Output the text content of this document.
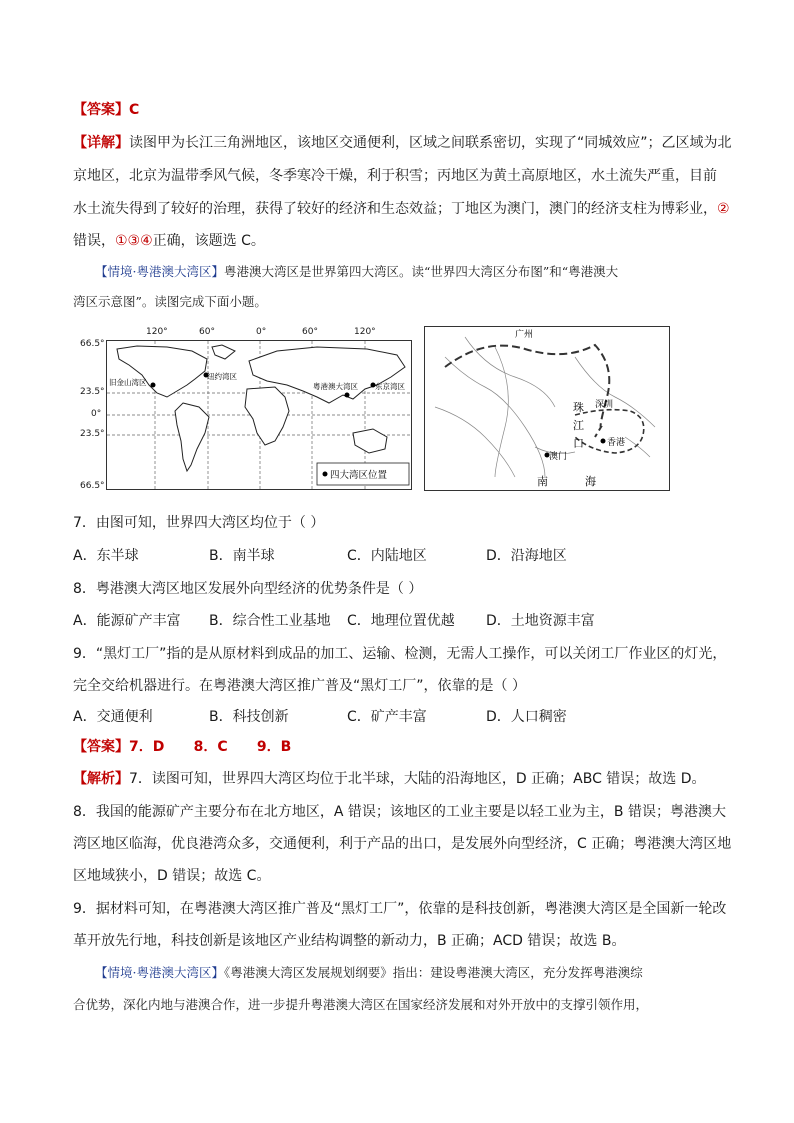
【答案】C
【详解】读图甲为长江三角洲地区，该地区交通便利，区域之间联系密切，实现了“同城效应”；乙区域为北
京地区，北京为温带季风气候，冬季寒冷干燥，利于积雪；丙地区为黄土高原地区，水土流失严重，目前
水土流失得到了较好的治理，获得了较好的经济和生态效益；丁地区为澳门，澳门的经济支柱为博彩业，②
错误，①③④正确，该题选 C。
【情境·粤港澳大湾区】粤港澳大湾区是世界第四大湾区。读“世界四大湾区分布图”和“粤港澳大
湾区示意图”。读图完成下面小题。
旧金山湾区
纽约湾区
粤港澳大湾区 东京湾区
四大湾区位置
120°	60°	0°	60°	120°
66.5°
23.5°
0°
23.5°
66.5°
广州
深圳
珠
江
口
澳门
香港
南	海
7．由图可知，世界四大湾区均位于（ ）
A．东半球	B．南半球	C．内陆地区	D．沿海地区
8．粤港澳大湾区地区发展外向型经济的优势条件是（ ）
A．能源矿产丰富 B．综合性工业基地 C．地理位置优越 D．土地资源丰富
9．“黑灯工厂”指的是从原材料到成品的加工、运输、检测，无需人工操作，可以关闭工厂作业区的灯光，
完全交给机器进行。在粤港澳大湾区推广普及“黑灯工厂”，依靠的是（ ）
A．交通便利	B．科技创新	C．矿产丰富	D．人口稠密
【答案】7．D      8．C      9．B
【解析】7．读图可知，世界四大湾区均位于北半球，大陆的沿海地区，D 正确；ABC 错误；故选 D。
8．我国的能源矿产主要分布在北方地区，A 错误；该地区的工业主要是以轻工业为主，B 错误；粤港澳大
湾区地区临海，优良港湾众多，交通便利，利于产品的出口，是发展外向型经济，C 正确；粤港澳大湾区地
区地域狭小，D 错误；故选 C。
9．据材料可知，在粤港澳大湾区推广普及“黑灯工厂”，依靠的是科技创新，粤港澳大湾区是全国新一轮改
革开放先行地，科技创新是该地区产业结构调整的新动力，B 正确；ACD 错误；故选 B。
【情境·粤港澳大湾区】《粤港澳大湾区发展规划纲要》指出：建设粤港澳大湾区，充分发挥粤港澳综
合优势，深化内地与港澳合作，进一步提升粤港澳大湾区在国家经济发展和对外开放中的支撑引领作用，
